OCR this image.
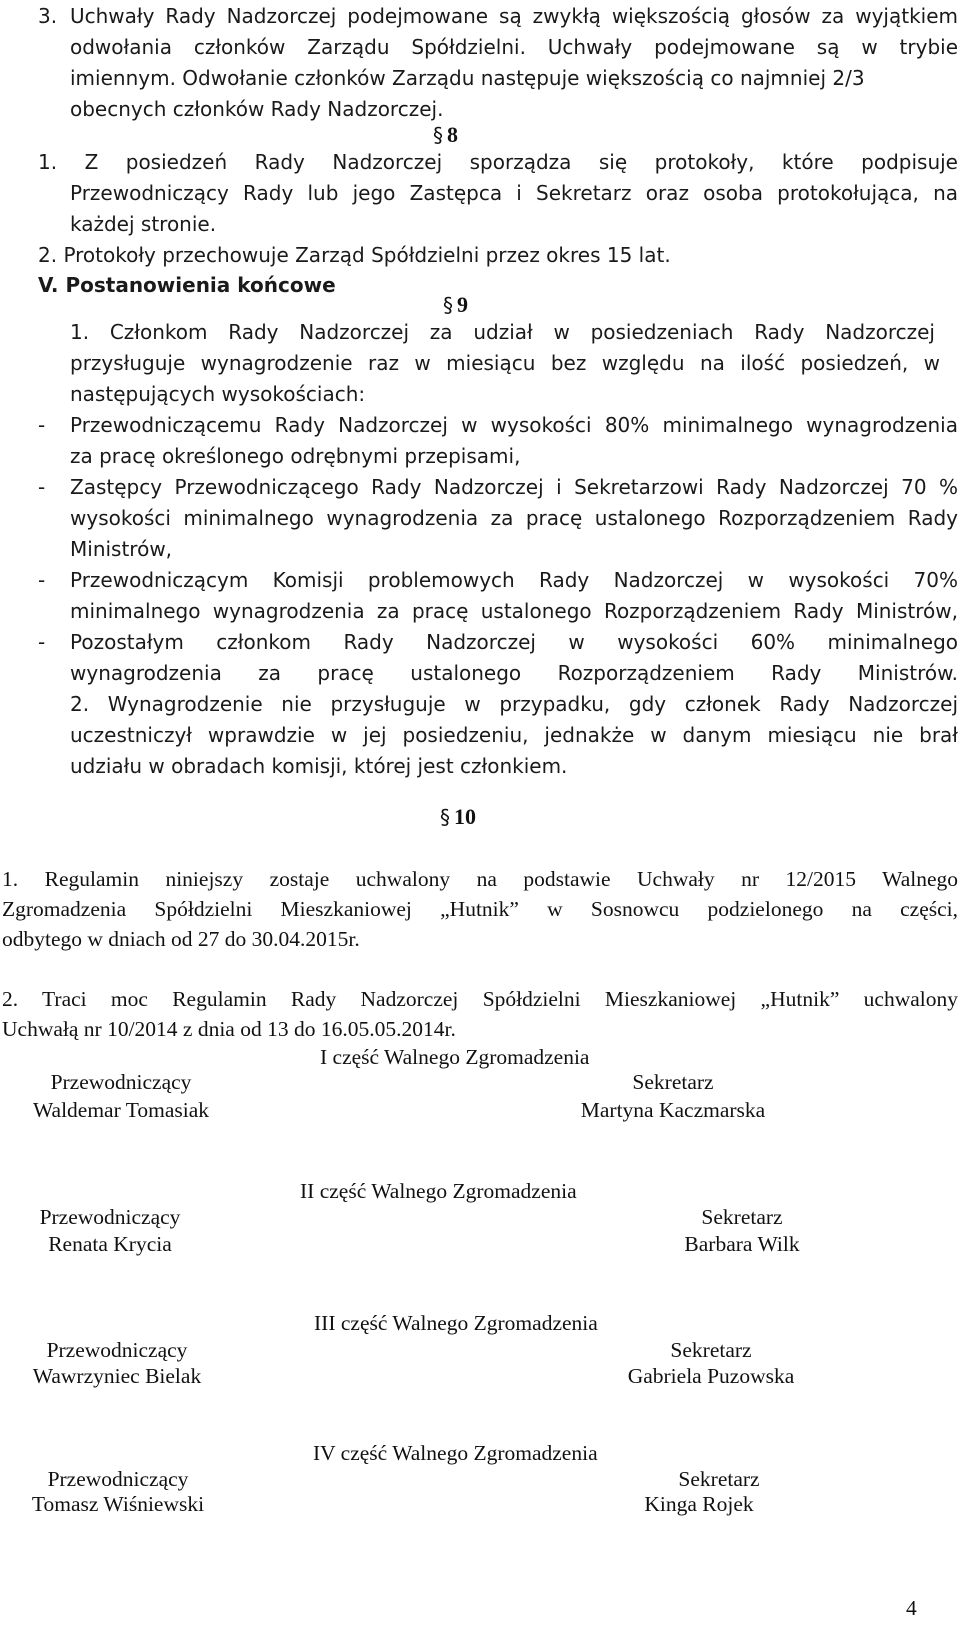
3. Uchwały Rady Nadzorczej podejmowane są zwykłą większością głosów za wyjątkiem

odwołania członków Zarządu Spółdzielni. Uchwały podejmowane są w trybie

imiennym. Odwołanie członków Zarządu następuje większością co najmniej 2/3

obecnych członków Rady Nadzorczej.

§ 8

1. Z posiedzeń Rady Nadzorczej sporządza się protokoły, które podpisuje

Przewodniczący Rady lub jego Zastępca i Sekretarz oraz osoba protokołująca, na

każdej stronie.

2. Protokoły przechowuje Zarząd Spółdzielni przez okres 15 lat.

V. Postanowienia końcowe

§ 9

1. Członkom Rady Nadzorczej za udział w posiedzeniach Rady Nadzorczej

przysługuje wynagrodzenie raz w miesiącu bez względu na ilość posiedzeń, w

następujących wysokościach:

- Przewodniczącemu Rady Nadzorczej w wysokości 80% minimalnego wynagrodzenia

za pracę określonego odrębnymi przepisami,

- Zastępcy Przewodniczącego Rady Nadzorczej i Sekretarzowi Rady Nadzorczej 70 %

wysokości minimalnego wynagrodzenia za pracę ustalonego Rozporządzeniem Rady

Ministrów,

- Przewodniczącym Komisji problemowych Rady Nadzorczej w wysokości 70%

minimalnego wynagrodzenia za pracę ustalonego Rozporządzeniem Rady Ministrów,

- Pozostałym członkom Rady Nadzorczej w wysokości 60% minimalnego

wynagrodzenia za pracę ustalonego Rozporządzeniem Rady Ministrów.

2. Wynagrodzenie nie przysługuje w przypadku, gdy członek Rady Nadzorczej

uczestniczył wprawdzie w jej posiedzeniu, jednakże w danym miesiącu nie brał

udziału w obradach komisji, której jest członkiem.

§ 10

1. Regulamin niniejszy zostaje uchwalony na podstawie Uchwały nr 12/2015 Walnego

Zgromadzenia Spółdzielni Mieszkaniowej „Hutnik” w Sosnowcu podzielonego na części,

odbytego w dniach od 27 do 30.04.2015r.

2. Traci moc Regulamin Rady Nadzorczej Spółdzielni Mieszkaniowej „Hutnik” uchwalony

Uchwałą nr 10/2014 z dnia od 13 do 16.05.05.2014r.

I część Walnego Zgromadzenia

Przewodniczący

Waldemar Tomasiak

Sekretarz

Martyna Kaczmarska

II część Walnego Zgromadzenia

Przewodniczący

Renata Krycia

Sekretarz

Barbara Wilk

III część Walnego Zgromadzenia

Przewodniczący

Wawrzyniec Bielak

Sekretarz

Gabriela Puzowska

IV część Walnego Zgromadzenia

Przewodniczący

Tomasz Wiśniewski

Sekretarz

Kinga Rojek

4
